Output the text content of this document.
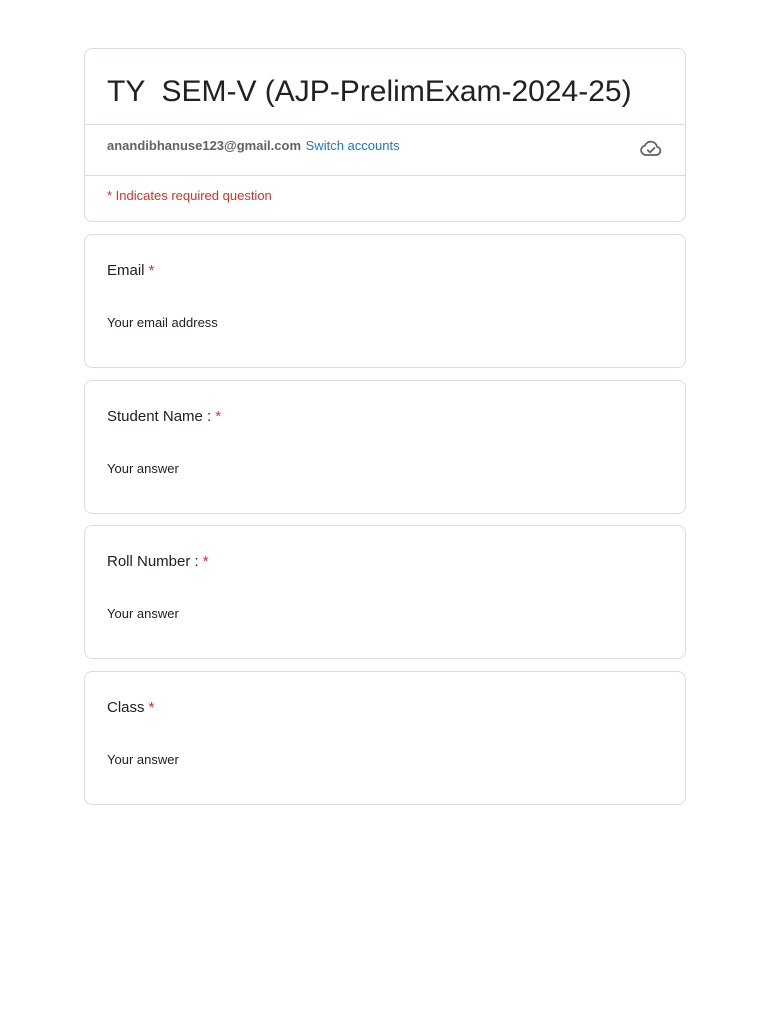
TY  SEM-V (AJP-PrelimExam-2024-25)
anandibhanuse123@gmail.com Switch accounts
* Indicates required question
Email *
Your email address
Student Name : *
Your answer
Roll Number : *
Your answer
Class *
Your answer
